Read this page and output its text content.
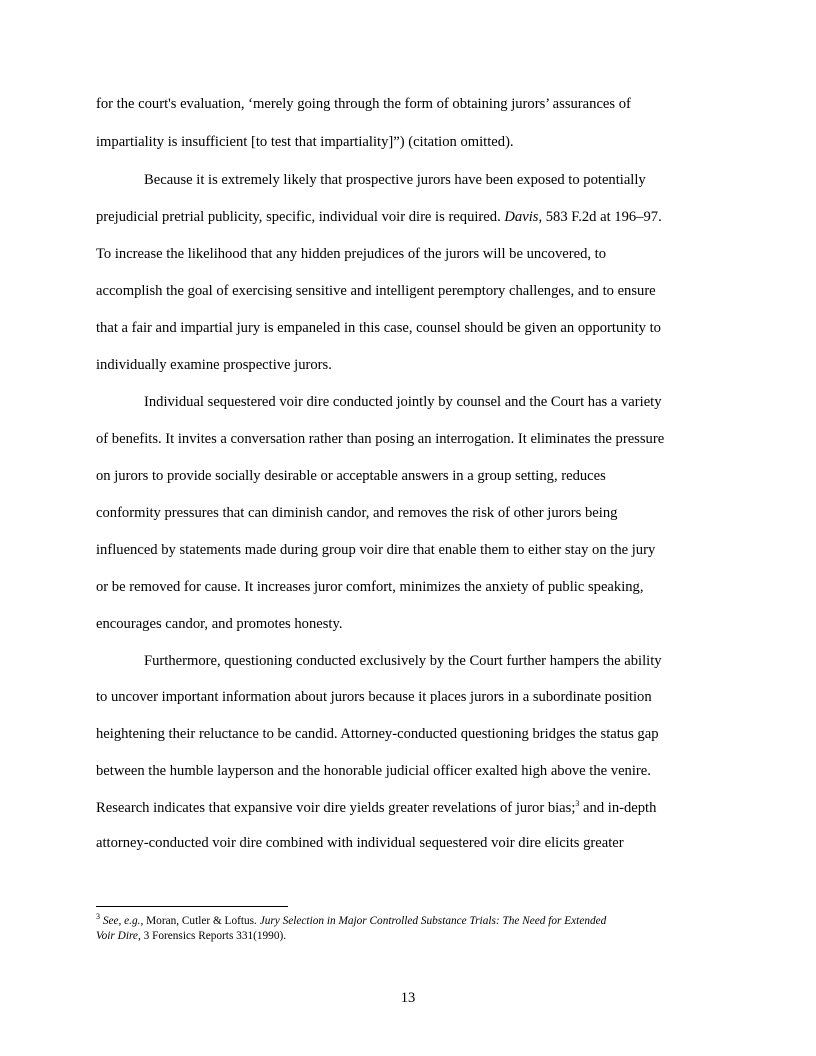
for the court's evaluation, ‘merely going through the form of obtaining jurors’ assurances of
impartiality is insufficient [to test that impartiality]”) (citation omitted).
Because it is extremely likely that prospective jurors have been exposed to potentially
prejudicial pretrial publicity, specific, individual voir dire is required. Davis, 583 F.2d at 196–97.
To increase the likelihood that any hidden prejudices of the jurors will be uncovered, to
accomplish the goal of exercising sensitive and intelligent peremptory challenges, and to ensure
that a fair and impartial jury is empaneled in this case, counsel should be given an opportunity to
individually examine prospective jurors.
Individual sequestered voir dire conducted jointly by counsel and the Court has a variety
of benefits. It invites a conversation rather than posing an interrogation. It eliminates the pressure
on jurors to provide socially desirable or acceptable answers in a group setting, reduces
conformity pressures that can diminish candor, and removes the risk of other jurors being
influenced by statements made during group voir dire that enable them to either stay on the jury
or be removed for cause. It increases juror comfort, minimizes the anxiety of public speaking,
encourages candor, and promotes honesty.
Furthermore, questioning conducted exclusively by the Court further hampers the ability
to uncover important information about jurors because it places jurors in a subordinate position
heightening their reluctance to be candid. Attorney-conducted questioning bridges the status gap
between the humble layperson and the honorable judicial officer exalted high above the venire.
Research indicates that expansive voir dire yields greater revelations of juror bias;$^3$ and in-depth
attorney-conducted voir dire combined with individual sequestered voir dire elicits greater
$^3$ See, e.g., Moran, Cutler & Loftus. Jury Selection in Major Controlled Substance Trials: The Need for Extended
Voir Dire, 3 Forensics Reports 331(1990).
13
